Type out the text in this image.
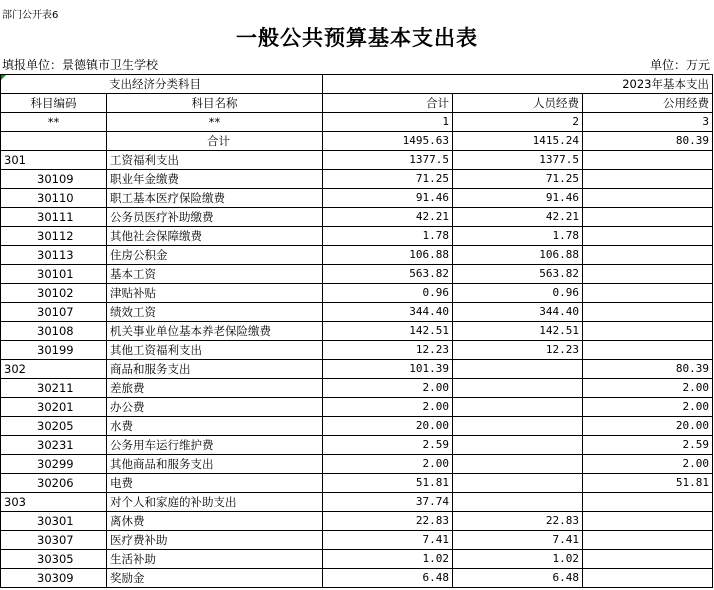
部门公开表6
一般公共预算基本支出表
填报单位：景德镇市卫生学校	单位：万元
支出经济分类科目		2023年基本支出		
科目编码	科目名称	合计	人员经费	公用经费
**	**	1	2	3
	合计	1495.63	1415.24	80.39
301	工资福利支出	1377.5	1377.5	
30109	职业年金缴费	71.25	71.25	
30110	职工基本医疗保险缴费	91.46	91.46	
30111	公务员医疗补助缴费	42.21	42.21	
30112	其他社会保障缴费	1.78	1.78	
30113	住房公积金	106.88	106.88	
30101	基本工资	563.82	563.82	
30102	津贴补贴	0.96	0.96	
30107	绩效工资	344.40	344.40	
30108	机关事业单位基本养老保险缴费	142.51	142.51	
30199	其他工资福利支出	12.23	12.23	
302	商品和服务支出	101.39		80.39
30211	差旅费	2.00		2.00
30201	办公费	2.00		2.00
30205	水费	20.00		20.00
30231	公务用车运行维护费	2.59		2.59
30299	其他商品和服务支出	2.00		2.00
30206	电费	51.81		51.81
303	对个人和家庭的补助支出	37.74		
30301	离休费	22.83	22.83	
30307	医疗费补助	7.41	7.41	
30305	生活补助	1.02	1.02	
30309	奖励金	6.48	6.48	
